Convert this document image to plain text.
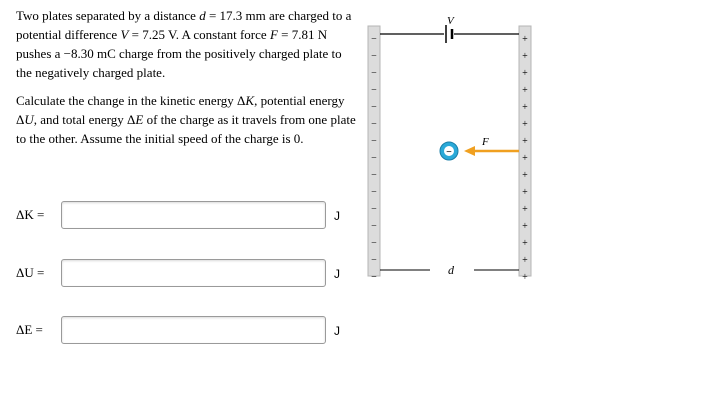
Two plates separated by a distance d = 17.3 mm are charged to a potential difference V = 7.25 V. A constant force F = 7.81 N pushes a −8.30 mC charge from the positively charged plate to the negatively charged plate.

Calculate the change in the kinetic energy ΔK, potential energy ΔU, and total energy ΔE of the charge as it travels from one plate to the other. Assume the initial speed of the charge is 0.

ΔK =	J
ΔU =	J
ΔE =	J
−
−
−
−
−
−
−
−
−
−
−
−
−
−
−
+
+
+
+
+
+
+
+
+
+
+
+
+
+
+
V
d
F
−
